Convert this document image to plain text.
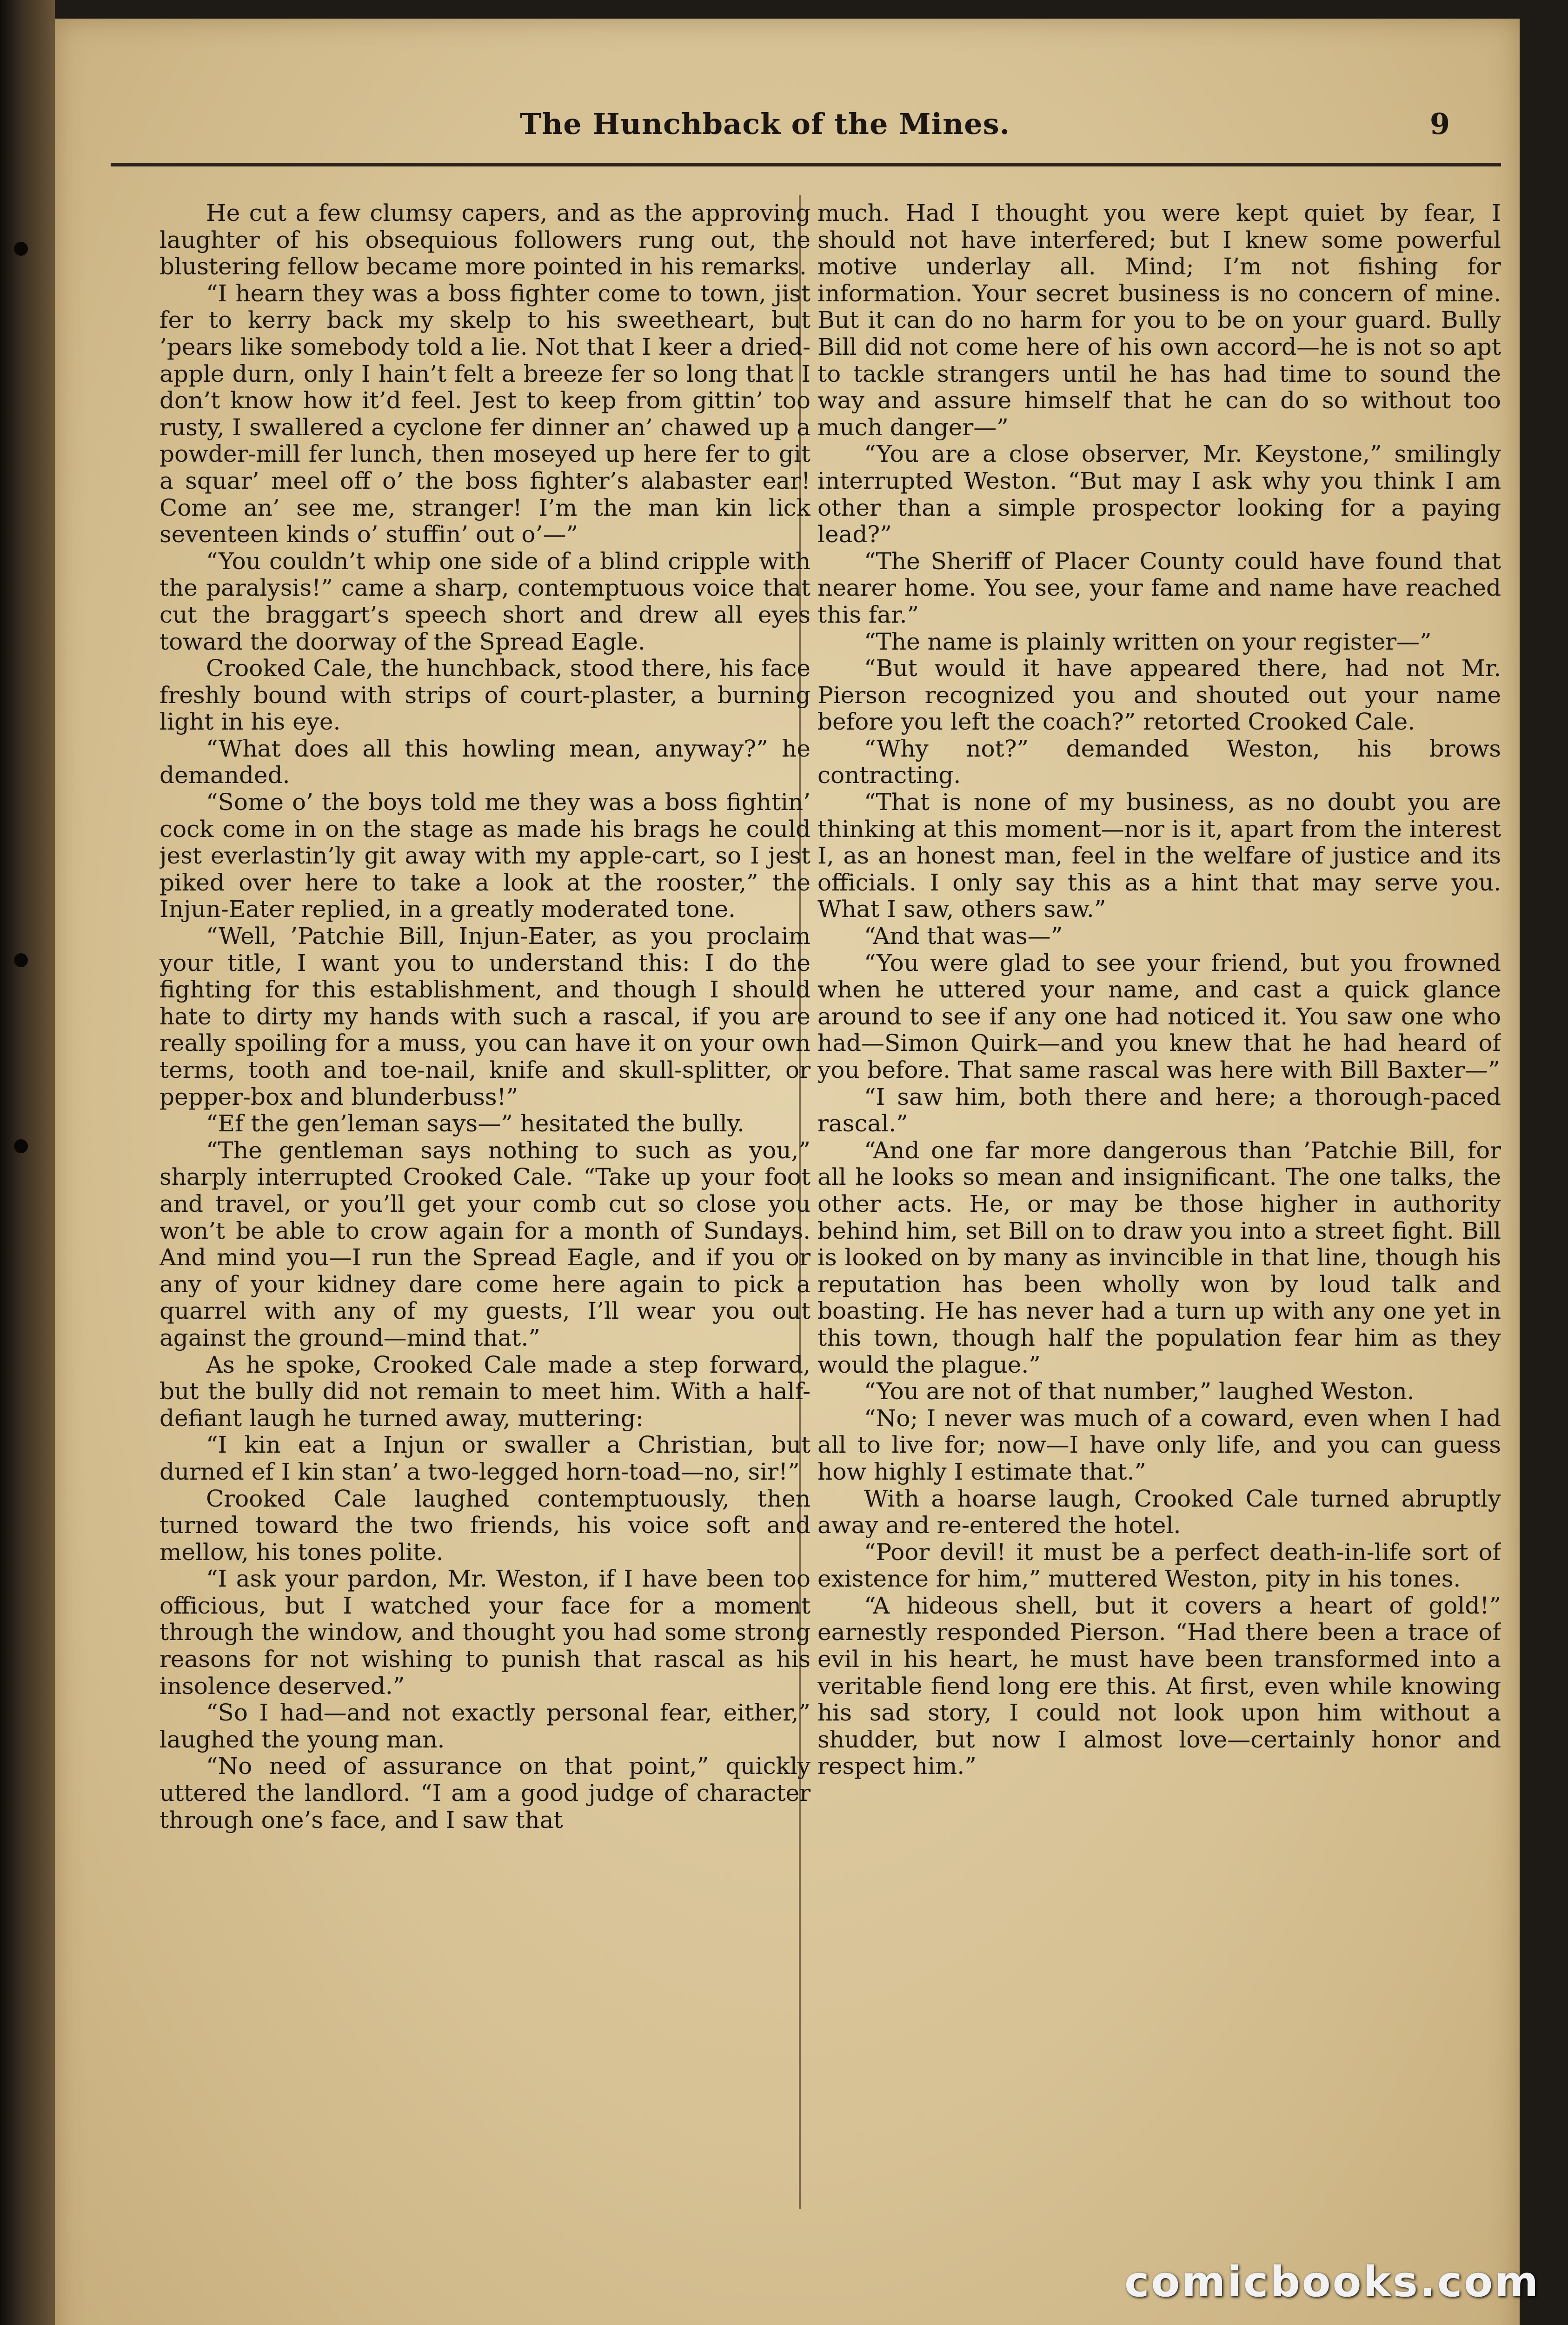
The Hunchback of the Mines.	9

He cut a few clumsy capers, and as the approving laughter of his obsequious followers rung out, the blustering fellow became more pointed in his remarks.

“I hearn they was a boss fighter come to town, jist fer to kerry back my skelp to his sweetheart, but ’pears like somebody told a lie. Not that I keer a dried-apple durn, only I hain’t felt a breeze fer so long that I don’t know how it’d feel. Jest to keep from gittin’ too rusty, I swallered a cyclone fer dinner an’ chawed up a powder-mill fer lunch, then moseyed up here fer to git a squar’ meel off o’ the boss fighter’s alabaster ear! Come an’ see me, stranger! I’m the man kin lick seventeen kinds o’ stuffin’ out o’—”

“You couldn’t whip one side of a blind cripple with the paralysis!” came a sharp, contemptuous voice that cut the braggart’s speech short and drew all eyes toward the doorway of the Spread Eagle.

Crooked Cale, the hunchback, stood there, his face freshly bound with strips of court-plaster, a burning light in his eye.

“What does all this howling mean, anyway?” he demanded.

“Some o’ the boys told me they was a boss fightin’ cock come in on the stage as made his brags he could jest everlastin’ly git away with my apple-cart, so I jest piked over here to take a look at the rooster,” the Injun-Eater replied, in a greatly moderated tone.

“Well, ’Patchie Bill, Injun-Eater, as you proclaim your title, I want you to understand this: I do the fighting for this establishment, and though I should hate to dirty my hands with such a rascal, if you are really spoiling for a muss, you can have it on your own terms, tooth and toe-nail, knife and skull-splitter, or pepper-box and blunderbuss!”

“Ef the gen’leman says—” hesitated the bully.

“The gentleman says nothing to such as you,” sharply interrupted Crooked Cale. “Take up your foot and travel, or you’ll get your comb cut so close you won’t be able to crow again for a month of Sundays. And mind you—I run the Spread Eagle, and if you or any of your kidney dare come here again to pick a quarrel with any of my guests, I’ll wear you out against the ground—mind that.”

As he spoke, Crooked Cale made a step forward, but the bully did not remain to meet him. With a half-defiant laugh he turned away, muttering:

“I kin eat a Injun or swaller a Christian, but durned ef I kin stan’ a two-legged horn-toad—no, sir!”

Crooked Cale laughed contemptuously, then turned toward the two friends, his voice soft and mellow, his tones polite.

“I ask your pardon, Mr. Weston, if I have been too officious, but I watched your face for a moment through the window, and thought you had some strong reasons for not wishing to punish that rascal as his insolence deserved.”

“So I had—and not exactly personal fear, either,” laughed the young man.

“No need of assurance on that point,” quickly uttered the landlord. “I am a good judge of character through one’s face, and I saw that

much. Had I thought you were kept quiet by fear, I should not have interfered; but I knew some powerful motive underlay all. Mind; I’m not fishing for information. Your secret business is no concern of mine. But it can do no harm for you to be on your guard. Bully Bill did not come here of his own accord—he is not so apt to tackle strangers until he has had time to sound the way and assure himself that he can do so without too much danger—”

“You are a close observer, Mr. Keystone,” smilingly interrupted Weston. “But may I ask why you think I am other than a simple prospector looking for a paying lead?”

“The Sheriff of Placer County could have found that nearer home. You see, your fame and name have reached this far.”

“The name is plainly written on your register—”

“But would it have appeared there, had not Mr. Pierson recognized you and shouted out your name before you left the coach?” retorted Crooked Cale.

“Why not?” demanded Weston, his brows contracting.

“That is none of my business, as no doubt you are thinking at this moment—nor is it, apart from the interest I, as an honest man, feel in the welfare of justice and its officials. I only say this as a hint that may serve you. What I saw, others saw.”

“And that was—”

“You were glad to see your friend, but you frowned when he uttered your name, and cast a quick glance around to see if any one had noticed it. You saw one who had—Simon Quirk—and you knew that he had heard of you before. That same rascal was here with Bill Baxter—”

“I saw him, both there and here; a thorough-paced rascal.”

“And one far more dangerous than ’Patchie Bill, for all he looks so mean and insignificant. The one talks, the other acts. He, or may be those higher in authority behind him, set Bill on to draw you into a street fight. Bill is looked on by many as invincible in that line, though his reputation has been wholly won by loud talk and boasting. He has never had a turn up with any one yet in this town, though half the population fear him as they would the plague.”

“You are not of that number,” laughed Weston.

“No; I never was much of a coward, even when I had all to live for; now—I have only life, and you can guess how highly I estimate that.”

With a hoarse laugh, Crooked Cale turned abruptly away and re-entered the hotel.

“Poor devil! it must be a perfect death-in-life sort of existence for him,” muttered Weston, pity in his tones.

“A hideous shell, but it covers a heart of gold!” earnestly responded Pierson. “Had there been a trace of evil in his heart, he must have been transformed into a veritable fiend long ere this. At first, even while knowing his sad story, I could not look upon him without a shudder, but now I almost love—certainly honor and respect him.”

comicbooks.com
